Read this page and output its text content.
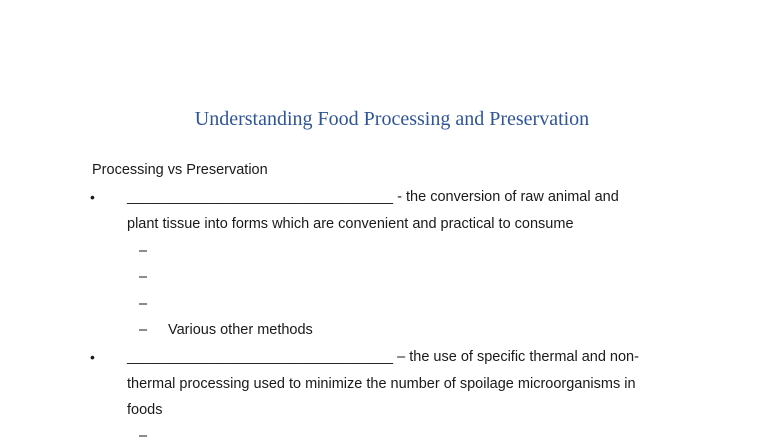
Understanding Food Processing and Preservation
Processing vs Preservation
• _________________________________ - the conversion of raw animal and
plant tissue into forms which are convenient and practical to consume
–
–
–
– Various other methods
• _________________________________ – the use of specific thermal and non-
thermal processing used to minimize the number of spoilage microorganisms in
foods
–
